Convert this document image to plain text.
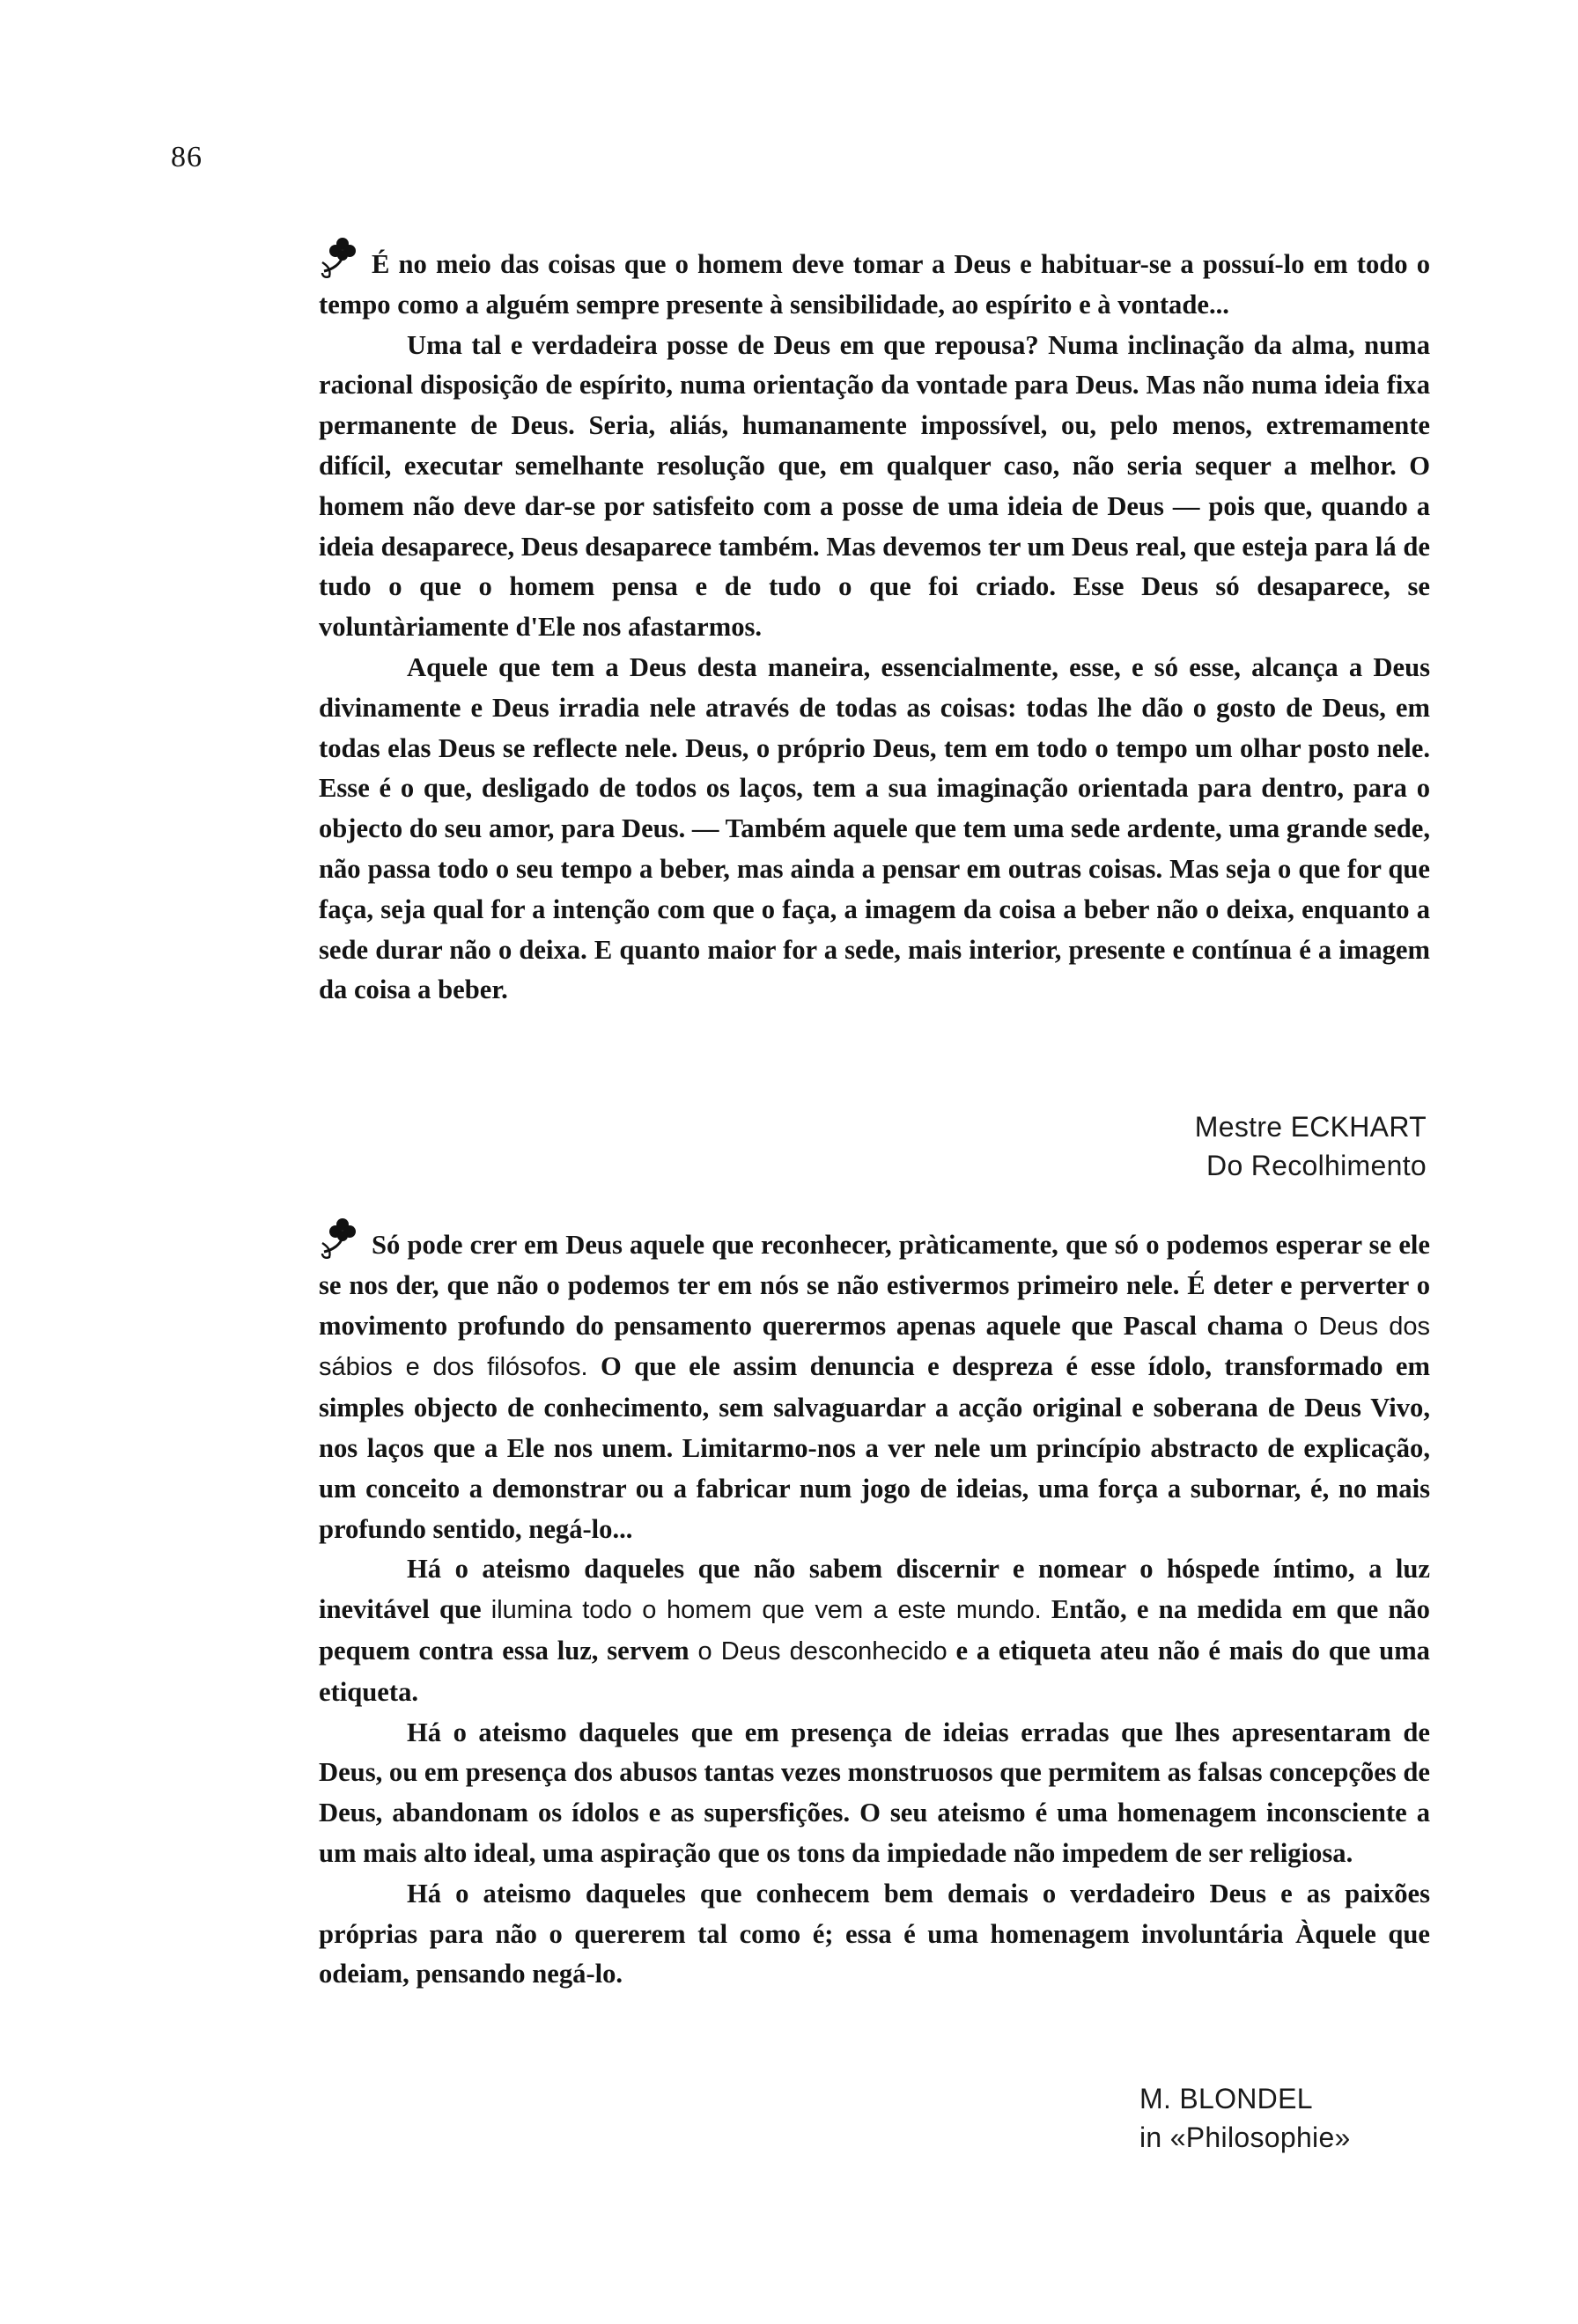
86

É no meio das coisas que o homem deve tomar a Deus e habituar-se a possuí-lo em todo o tempo como a alguém sempre presente à sensibilidade, ao espírito e à vontade...

Uma tal e verdadeira posse de Deus em que repousa? Numa inclinação da alma, numa racional disposição de espírito, numa orientação da vontade para Deus. Mas não numa ideia fixa permanente de Deus. Seria, aliás, humanamente impossível, ou, pelo menos, extremamente difícil, executar semelhante resolução que, em qualquer caso, não seria sequer a melhor. O homem não deve dar-se por satisfeito com a posse de uma ideia de Deus — pois que, quando a ideia desaparece, Deus desaparece também. Mas devemos ter um Deus real, que esteja para lá de tudo o que o homem pensa e de tudo o que foi criado. Esse Deus só desaparece, se voluntàriamente d'Ele nos afastarmos.

Aquele que tem a Deus desta maneira, essencialmente, esse, e só esse, alcança a Deus divinamente e Deus irradia nele através de todas as coisas: todas lhe dão o gosto de Deus, em todas elas Deus se reflecte nele. Deus, o próprio Deus, tem em todo o tempo um olhar posto nele. Esse é o que, desligado de todos os laços, tem a sua imaginação orientada para dentro, para o objecto do seu amor, para Deus. — Também aquele que tem uma sede ardente, uma grande sede, não passa todo o seu tempo a beber, mas ainda a pensar em outras coisas. Mas seja o que for que faça, seja qual for a intenção com que o faça, a imagem da coisa a beber não o deixa, enquanto a sede durar não o deixa. E quanto maior for a sede, mais interior, presente e contínua é a imagem da coisa a beber.

Mestre ECKHART
Do Recolhimento

Só pode crer em Deus aquele que reconhecer, pràticamente, que só o podemos esperar se ele se nos der, que não o podemos ter em nós se não estivermos primeiro nele. É deter e perverter o movimento profundo do pensamento querermos apenas aquele que Pascal chama o Deus dos sábios e dos filósofos. O que ele assim denuncia e despreza é esse ídolo, transformado em simples objecto de conhecimento, sem salvaguardar a acção original e soberana de Deus Vivo, nos laços que a Ele nos unem. Limitarmo-nos a ver nele um princípio abstracto de explicação, um conceito a demonstrar ou a fabricar num jogo de ideias, uma força a subornar, é, no mais profundo sentido, negá-lo...

Há o ateismo daqueles que não sabem discernir e nomear o hóspede íntimo, a luz inevitável que ilumina todo o homem que vem a este mundo. Então, e na medida em que não pequem contra essa luz, servem o Deus desconhecido e a etiqueta ateu não é mais do que uma etiqueta.

Há o ateismo daqueles que em presença de ideias erradas que lhes apresentaram de Deus, ou em presença dos abusos tantas vezes monstruosos que permitem as falsas concepções de Deus, abandonam os ídolos e as supersfições. O seu ateismo é uma homenagem inconsciente a um mais alto ideal, uma aspiração que os tons da impiedade não impedem de ser religiosa.

Há o ateismo daqueles que conhecem bem demais o verdadeiro Deus e as paixões próprias para não o quererem tal como é; essa é uma homenagem involuntária Àquele que odeiam, pensando negá-lo.

M. BLONDEL
in «Philosophie»
